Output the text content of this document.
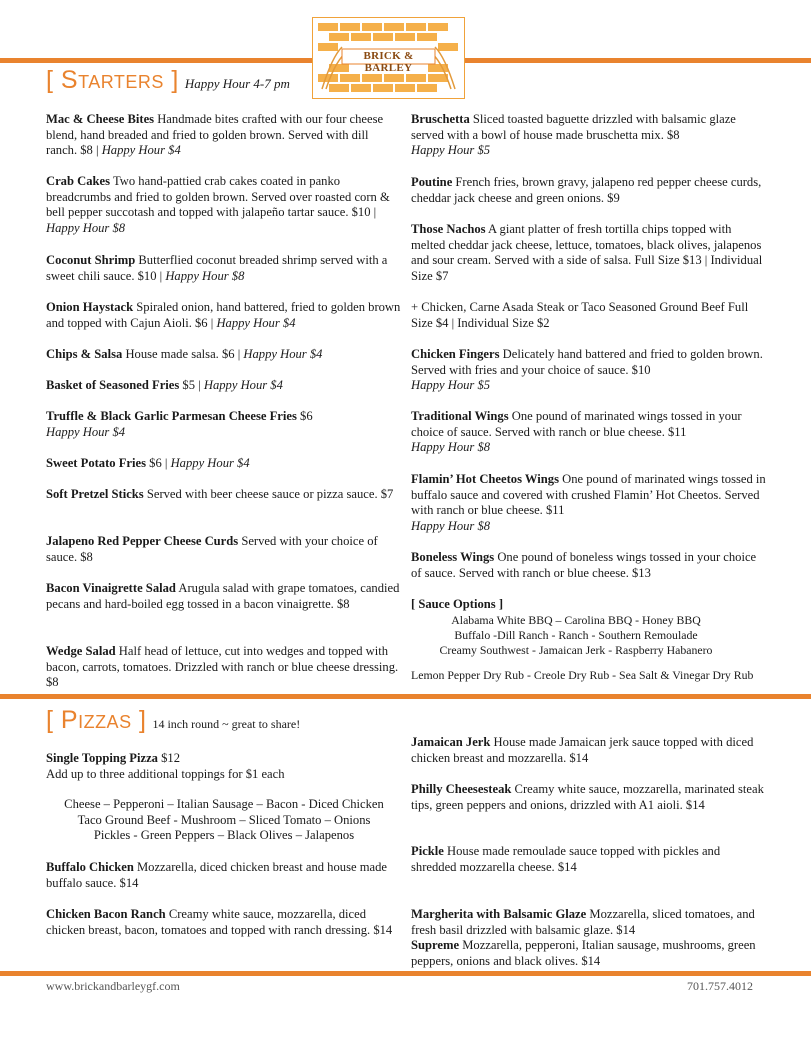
BRICK & BARLEY
[ Starters ] Happy Hour 4-7 pm
Mac & Cheese Bites Handmade bites crafted with our four cheese blend, hand breaded and fried to golden brown. Served with dill ranch. $8 | Happy Hour $4
Crab Cakes Two hand-pattied crab cakes coated in panko breadcrumbs and fried to golden brown. Served over roasted corn & bell pepper succotash and topped with jalapeño tartar sauce. $10 | Happy Hour $8
Coconut Shrimp Butterflied coconut breaded shrimp served with a sweet chili sauce. $10 | Happy Hour $8
Onion Haystack Spiraled onion, hand battered, fried to golden brown and topped with Cajun Aioli. $6 | Happy Hour $4
Chips & Salsa House made salsa. $6 | Happy Hour $4
Basket of Seasoned Fries $5 | Happy Hour $4
Truffle & Black Garlic Parmesan Cheese Fries $6
Happy Hour $4
Sweet Potato Fries $6 | Happy Hour $4
Soft Pretzel Sticks Served with beer cheese sauce or pizza sauce. $7
Jalapeno Red Pepper Cheese Curds Served with your choice of sauce. $8
Bacon Vinaigrette Salad Arugula salad with grape tomatoes, candied pecans and hard-boiled egg tossed in a bacon vinaigrette. $8
Wedge Salad Half head of lettuce, cut into wedges and topped with bacon, carrots, tomatoes. Drizzled with ranch or blue cheese dressing. $8
Bruschetta Sliced toasted baguette drizzled with balsamic glaze served with a bowl of house made bruschetta mix. $8
Happy Hour $5
Poutine French fries, brown gravy, jalapeno red pepper cheese curds, cheddar jack cheese and green onions. $9
Those Nachos A giant platter of fresh tortilla chips topped with melted cheddar jack cheese, lettuce, tomatoes, black olives, jalapenos and sour cream. Served with a side of salsa. Full Size $13 | Individual Size $7
+ Chicken, Carne Asada Steak or Taco Seasoned Ground Beef Full Size $4 | Individual Size $2
Chicken Fingers Delicately hand battered and fried to golden brown. Served with fries and your choice of sauce. $10
Happy Hour $5
Traditional Wings One pound of marinated wings tossed in your choice of sauce. Served with ranch or blue cheese. $11
Happy Hour $8
Flamin’ Hot Cheetos Wings One pound of marinated wings tossed in buffalo sauce and covered with crushed Flamin’ Hot Cheetos. Served with ranch or blue cheese. $11
Happy Hour $8
Boneless Wings One pound of boneless wings tossed in your choice of sauce. Served with ranch or blue cheese. $13
[ Sauce Options ]
Alabama White BBQ – Carolina BBQ - Honey BBQ
Buffalo -Dill Ranch - Ranch - Southern Remoulade
Creamy Southwest - Jamaican Jerk - Raspberry Habanero
Lemon Pepper Dry Rub - Creole Dry Rub - Sea Salt & Vinegar Dry Rub
[ Pizzas ] 14 inch round ~ great to share!
Single Topping Pizza $12
Add up to three additional toppings for $1 each
Cheese – Pepperoni – Italian Sausage – Bacon - Diced Chicken
Taco Ground Beef - Mushroom – Sliced Tomato – Onions
Pickles - Green Peppers – Black Olives – Jalapenos
Buffalo Chicken Mozzarella, diced chicken breast and house made buffalo sauce. $14
Chicken Bacon Ranch Creamy white sauce, mozzarella, diced chicken breast, bacon, tomatoes and topped with ranch dressing. $14
Jamaican Jerk House made Jamaican jerk sauce topped with diced chicken breast and mozzarella. $14
Philly Cheesesteak Creamy white sauce, mozzarella, marinated steak tips, green peppers and onions, drizzled with A1 aioli. $14
Pickle House made remoulade sauce topped with pickles and shredded mozzarella cheese. $14
Margherita with Balsamic Glaze Mozzarella, sliced tomatoes, and fresh basil drizzled with balsamic glaze. $14
Supreme Mozzarella, pepperoni, Italian sausage, mushrooms, green peppers, onions and black olives. $14
www.brickandbarleygf.com	701.757.4012
